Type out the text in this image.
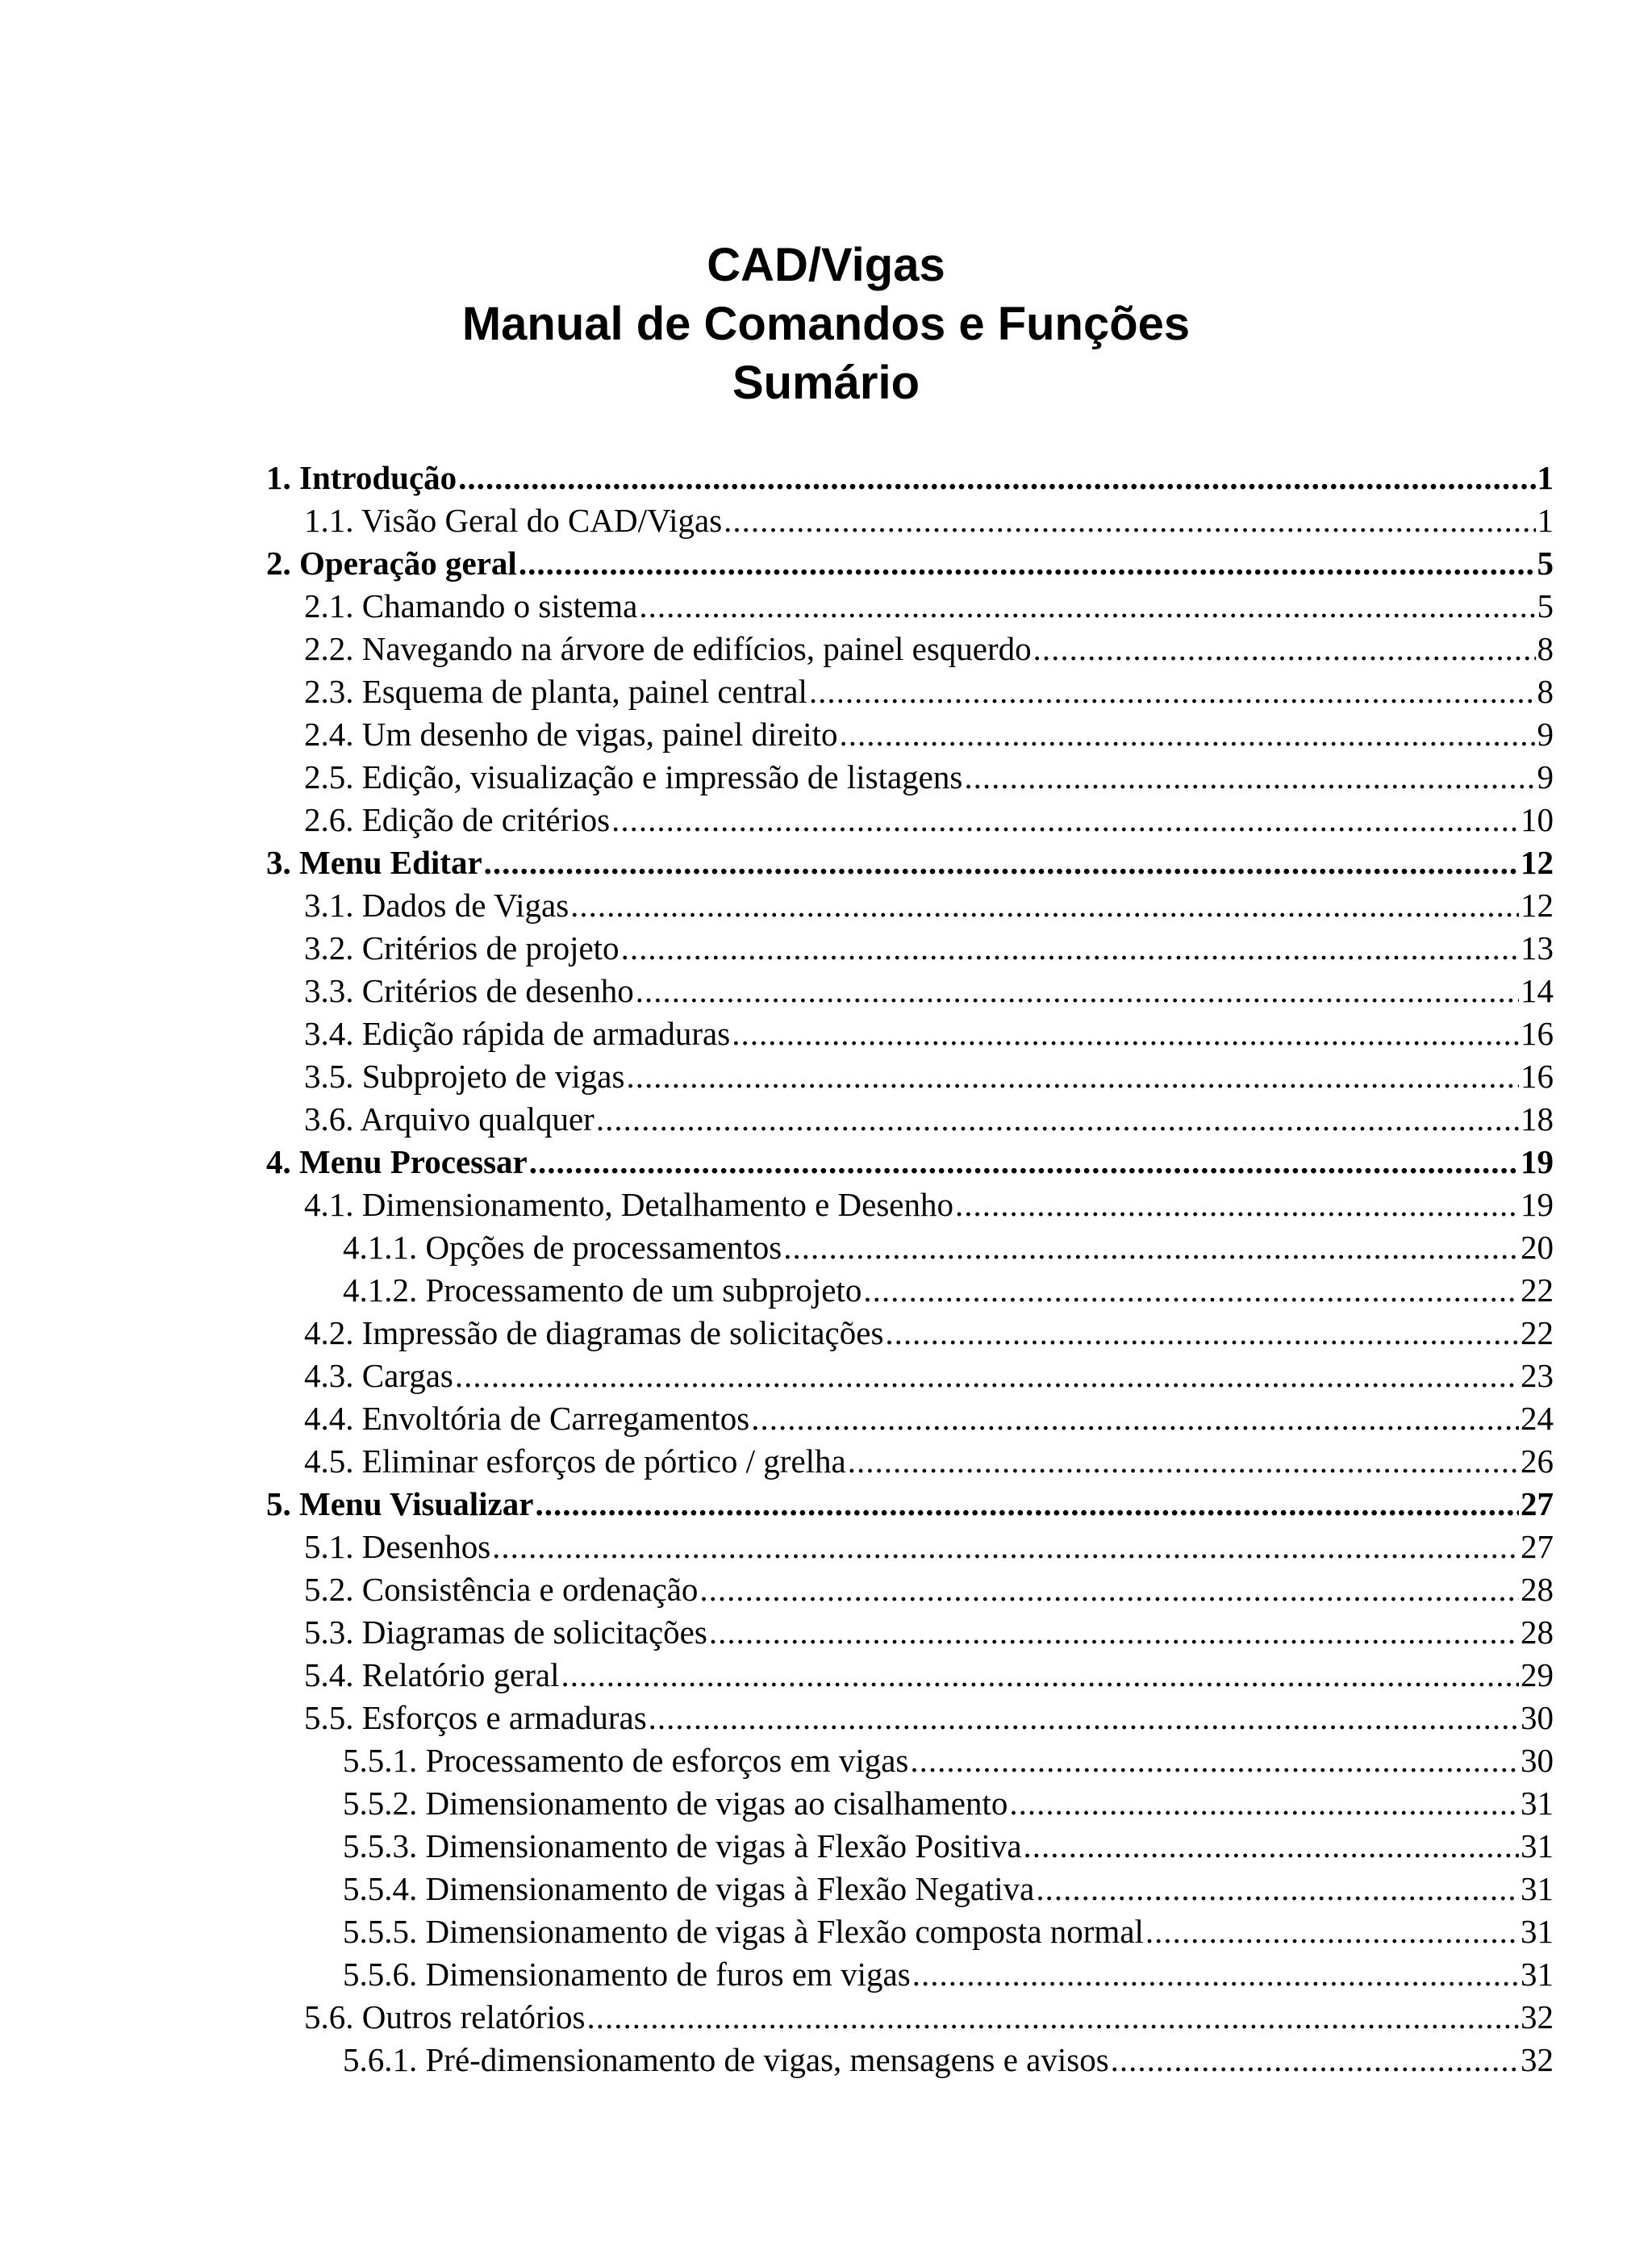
CAD/Vigas
Manual de Comandos e Funções
Sumário
1. Introdução .....	1
1.1. Visão Geral do CAD/Vigas .....	1
2. Operação geral .....	5
2.1. Chamando o sistema .....	5
2.2. Navegando na árvore de edifícios, painel esquerdo .....	8
2.3. Esquema de planta, painel central .....	8
2.4. Um desenho de vigas, painel direito .....	9
2.5. Edição, visualização e impressão de listagens .....	9
2.6. Edição de critérios .....	10
3. Menu Editar .....	12
3.1. Dados de Vigas .....	12
3.2. Critérios de projeto .....	13
3.3. Critérios de desenho .....	14
3.4. Edição rápida de armaduras .....	16
3.5. Subprojeto de vigas .....	16
3.6. Arquivo qualquer .....	18
4. Menu Processar .....	19
4.1. Dimensionamento, Detalhamento e Desenho .....	19
4.1.1. Opções de processamentos .....	20
4.1.2. Processamento de um subprojeto .....	22
4.2. Impressão de diagramas de solicitações .....	22
4.3. Cargas .....	23
4.4. Envoltória de Carregamentos .....	24
4.5. Eliminar esforços de pórtico / grelha .....	26
5. Menu Visualizar .....	27
5.1. Desenhos .....	27
5.2. Consistência e ordenação .....	28
5.3. Diagramas de solicitações .....	28
5.4. Relatório geral .....	29
5.5. Esforços e armaduras .....	30
5.5.1. Processamento de esforços em vigas .....	30
5.5.2. Dimensionamento de vigas ao cisalhamento .....	31
5.5.3. Dimensionamento de vigas à Flexão Positiva .....	31
5.5.4. Dimensionamento de vigas à Flexão Negativa .....	31
5.5.5. Dimensionamento de vigas à Flexão composta normal .....	31
5.5.6. Dimensionamento de furos em vigas .....	31
5.6. Outros relatórios .....	32
5.6.1. Pré-dimensionamento de vigas, mensagens e avisos .....	32
